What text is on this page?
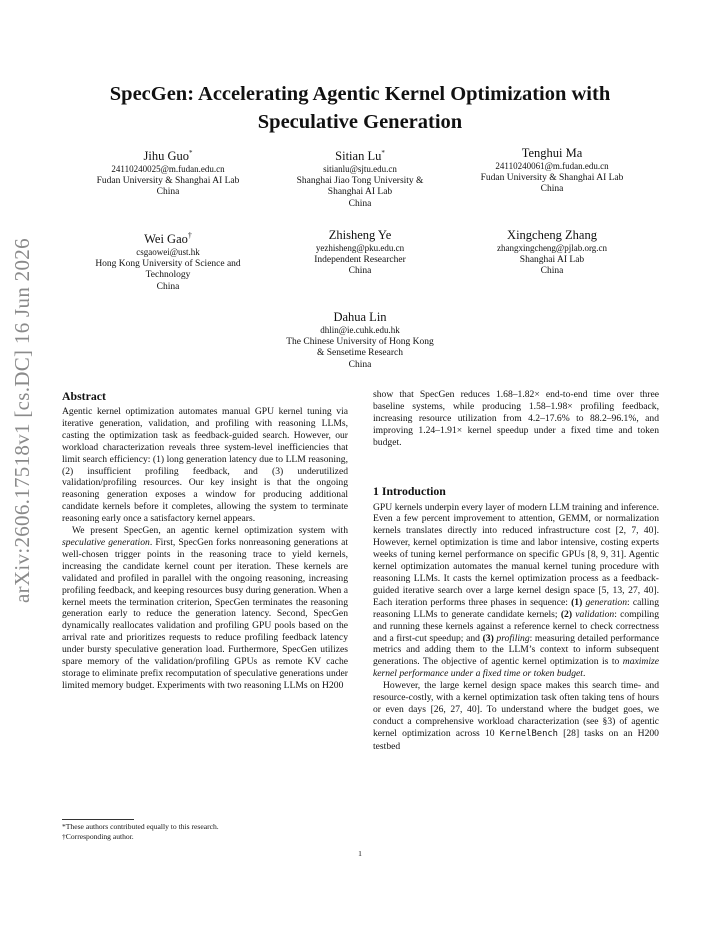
arXiv:2606.17518v1 [cs.DC] 16 Jun 2026
SpecGen: Accelerating Agentic Kernel Optimization with
Speculative Generation
Jihu Guo*
24110240025@m.fudan.edu.cn
Fudan University & Shanghai AI Lab
China
Sitian Lu*
sitianlu@sjtu.edu.cn
Shanghai Jiao Tong University &
Shanghai AI Lab
China
Tenghui Ma
24110240061@m.fudan.edu.cn
Fudan University & Shanghai AI Lab
China
Wei Gao†
csgaowei@ust.hk
Hong Kong University of Science and
Technology
China
Zhisheng Ye
yezhisheng@pku.edu.cn
Independent Researcher
China
Xingcheng Zhang
zhangxingcheng@pjlab.org.cn
Shanghai AI Lab
China
Dahua Lin
dhlin@ie.cuhk.edu.hk
The Chinese University of Hong Kong
& Sensetime Research
China
Abstract

Agentic kernel optimization automates manual GPU kernel tuning via iterative generation, validation, and profiling with reasoning LLMs, casting the optimization task as feedback-guided search. However, our workload characterization reveals three system-level inefficiencies that limit search efficiency: (1) long generation latency due to LLM reasoning, (2) insufficient profiling feedback, and (3) underutilized validation/profiling resources. Our key insight is that the ongoing reasoning generation exposes a window for producing additional candidate kernels before it completes, allowing the system to terminate reasoning early once a satisfactory kernel appears.

We present SpecGen, an agentic kernel optimization system with speculative generation. First, SpecGen forks nonreasoning generations at well-chosen trigger points in the reasoning trace to yield kernels, increasing the candidate kernel count per iteration. These kernels are validated and profiled in parallel with the ongoing reasoning, increasing profiling feedback, and keeping resources busy during generation. When a kernel meets the termination criterion, SpecGen terminates the reasoning generation early to reduce the generation latency. Second, SpecGen dynamically reallocates validation and profiling GPU pools based on the arrival rate and prioritizes requests to reduce profiling feedback latency under bursty speculative generation load. Furthermore, SpecGen utilizes spare memory of the validation/profiling GPUs as remote KV cache storage to eliminate prefix recomputation of speculative generations under limited memory budget. Experiments with two reasoning LLMs on H200

show that SpecGen reduces 1.68–1.82× end-to-end time over three baseline systems, while producing 1.58–1.98× profiling feedback, increasing resource utilization from 4.2–17.6% to 88.2–96.1%, and improving 1.24–1.91× kernel speedup under a fixed time and token budget.

1 Introduction

GPU kernels underpin every layer of modern LLM training and inference. Even a few percent improvement to attention, GEMM, or normalization kernels translates directly into reduced infrastructure cost [2, 7, 40]. However, kernel optimization is time and labor intensive, costing experts weeks of tuning kernel performance on specific GPUs [8, 9, 31]. Agentic kernel optimization automates the manual kernel tuning procedure with reasoning LLMs. It casts the kernel optimization process as a feedback-guided iterative search over a large kernel design space [5, 13, 27, 40]. Each iteration performs three phases in sequence: (1) generation: calling reasoning LLMs to generate candidate kernels; (2) validation: compiling and running these kernels against a reference kernel to check correctness and a first-cut speedup; and (3) profiling: measuring detailed performance metrics and adding them to the LLM’s context to inform subsequent generations. The objective of agentic kernel optimization is to maximize kernel performance under a fixed time or token budget.

However, the large kernel design space makes this search time- and resource-costly, with a kernel optimization task often taking tens of hours or even days [26, 27, 40]. To understand where the budget goes, we conduct a comprehensive workload characterization (see §3) of agentic kernel optimization across 10 KernelBench [28] tasks on an H200 testbed

*These authors contributed equally to this research.
†Corresponding author.
1
